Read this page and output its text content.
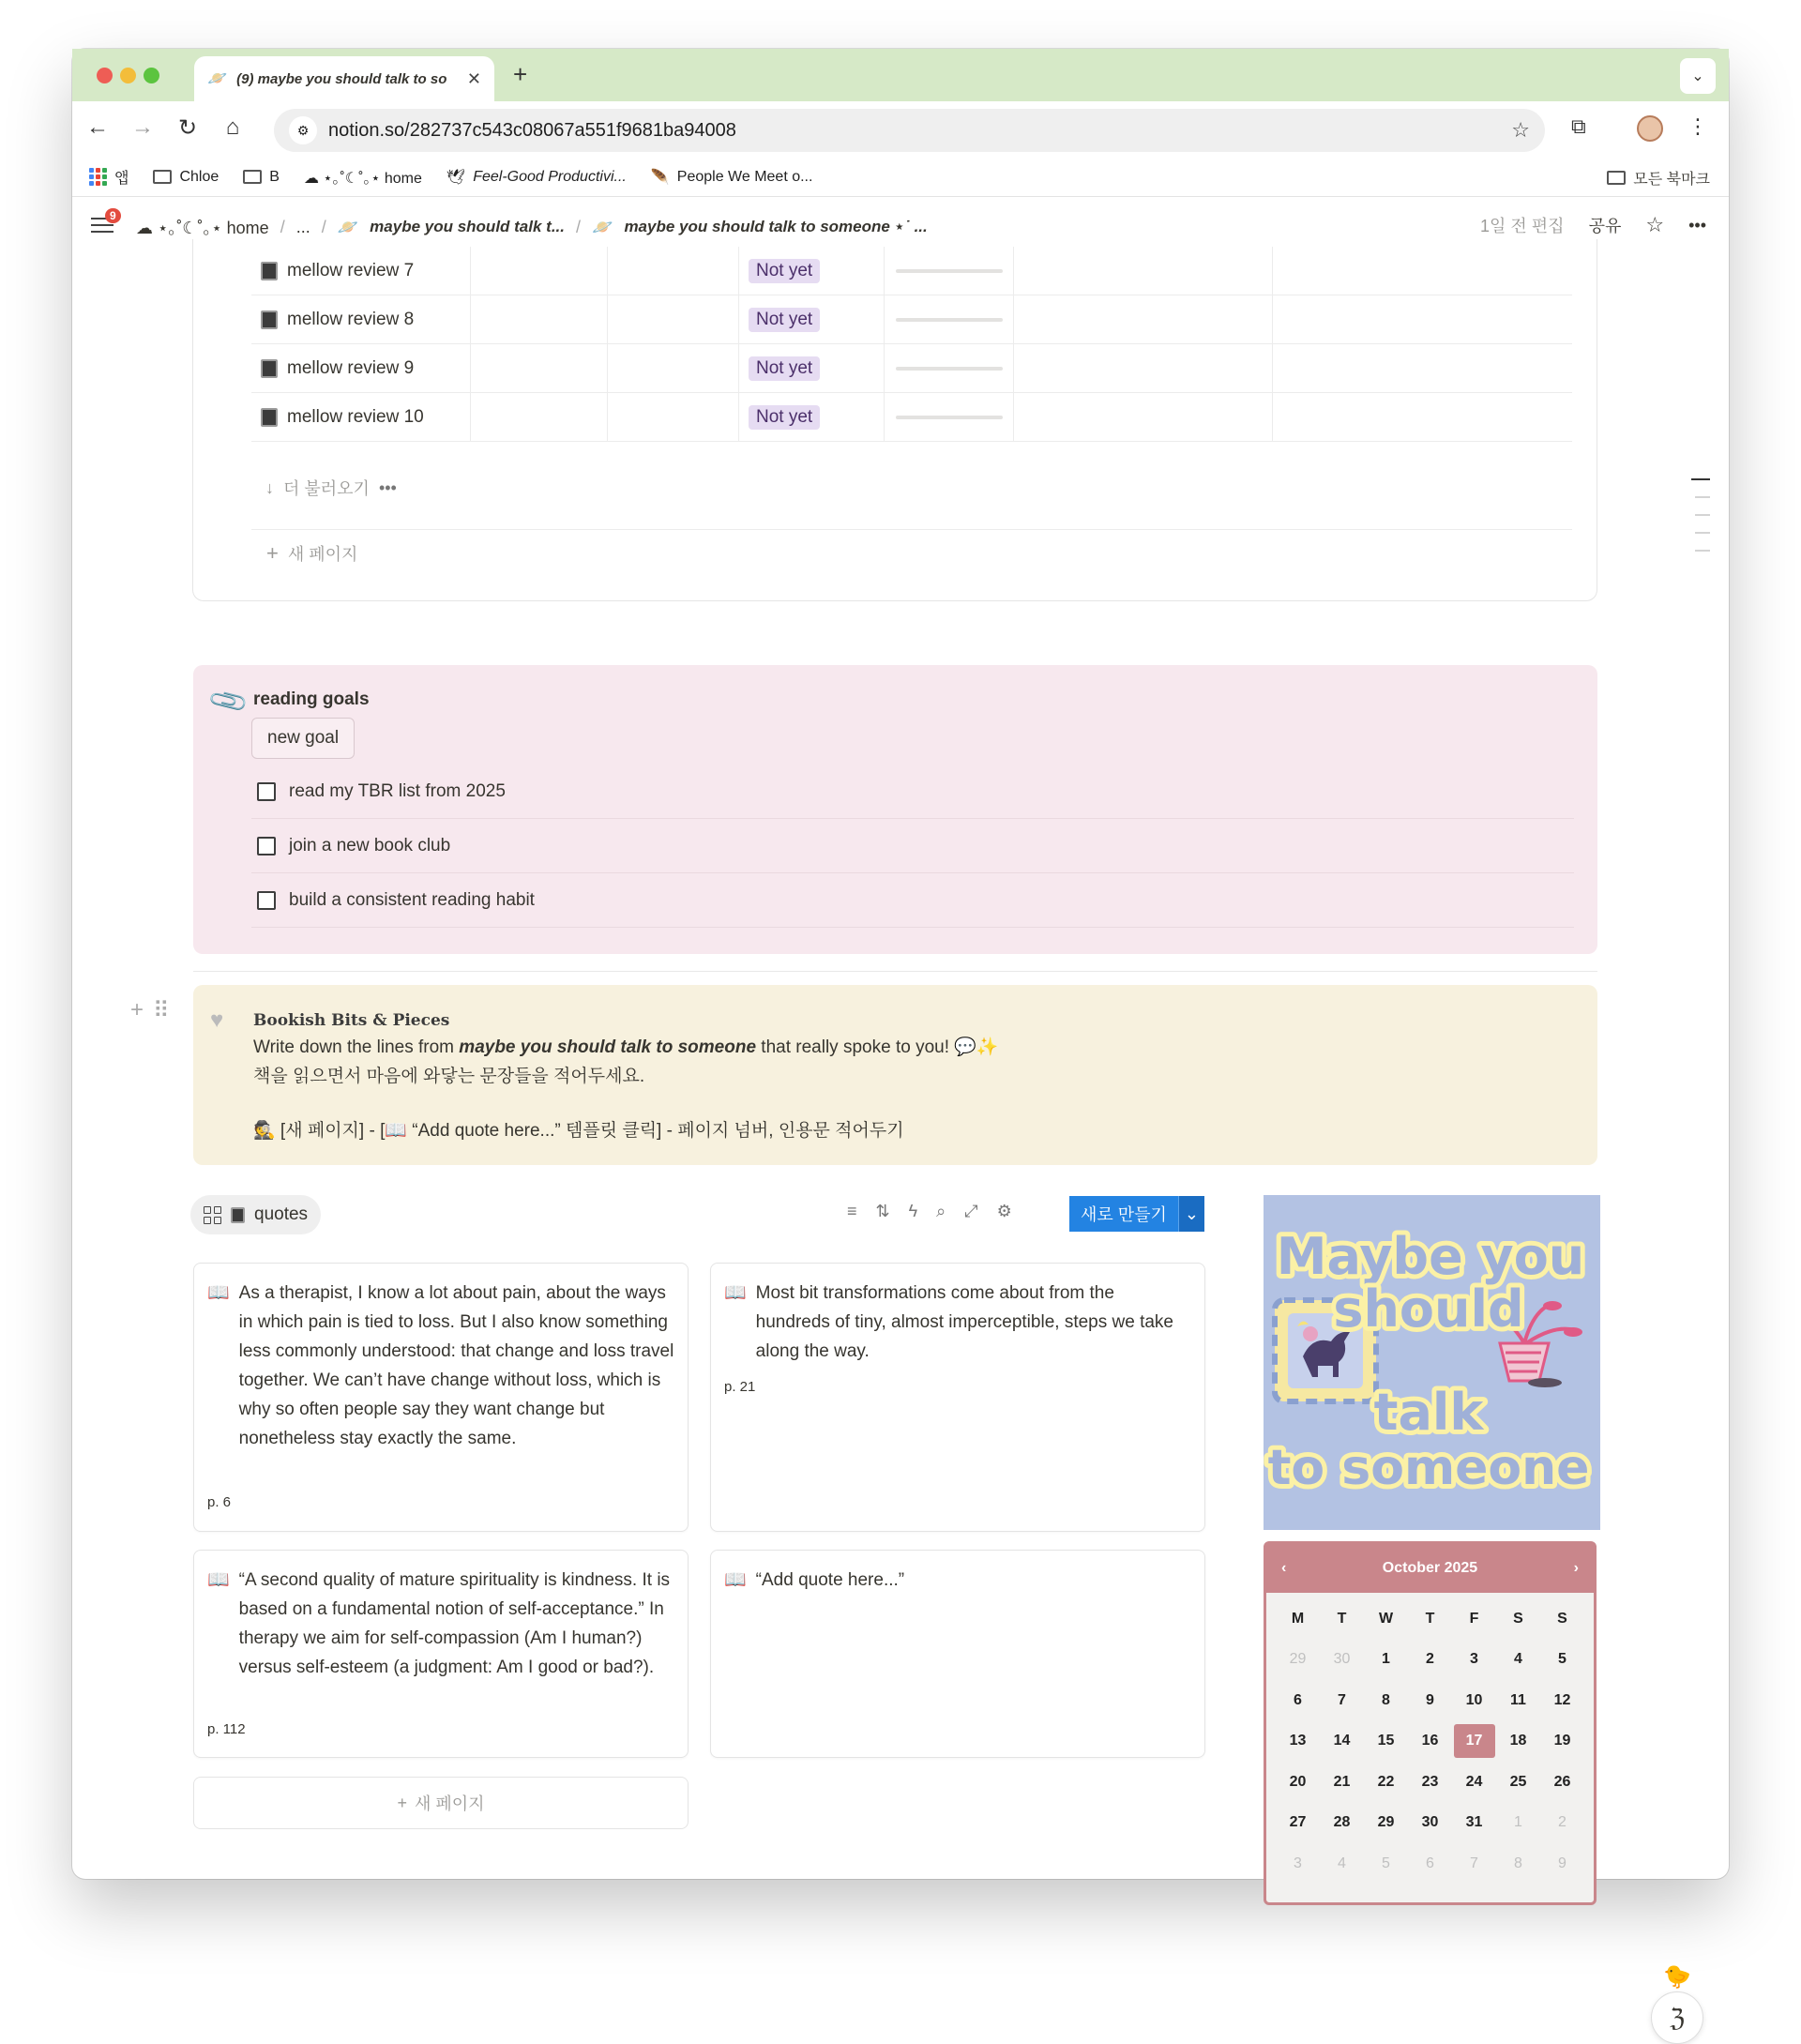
🪐 (9) maybe you should talk to so	✕ +	⌄
← → ↻	⌂	⚙	notion.so/282737c543c08067a551f9681ba94008	☆ ⧉	⋮
앱	Chloe	B ☁︎ ⋆｡˚☾˚｡⋆ home 🕊 Feel-Good Productivi... 🪶 People We Meet o...	모든 북마크
9
☁︎ ⋆｡˚☾˚｡⋆ home / ... / 🪐 maybe you should talk t... / 🪐 maybe you should talk to someone ⋆˙ ...	1일 전 편집 공유 ☆ •••
mellow review 7	Not yet
mellow review 8	Not yet
mellow review 9	Not yet
mellow review 10	Not yet
↓ 더 불러오기 •••
+ 새 페이지
📎 reading goals
new goal
read my TBR list from 2025
join a new book club
build a consistent reading habit
+ ⠿ ♥ Bookish Bits & Pieces
Write down the lines from maybe you should talk to someone that really spoke to you! 💬✨
책을 읽으면서 마음에 와닿는 문장들을 적어두세요.
🕵 [새 페이지] - [📖 “Add quote here...” 템플릿 클릭] - 페이지 넘버, 인용문 적어두기
quotes	≡ ⇅ ϟ ⌕ ⤢ ⚙	새로 만들기	⌄
📖 As a therapist, I know a lot about pain, about the ways in which pain is tied to loss. But I also know something less commonly understood: that change and loss travel together. We can’t have change without loss, which is why so often people say they want change but nonetheless stay exactly the same.
p. 6
📖 Most bit transformations come about from the hundreds of tiny, almost imperceptible, steps we take along the way.
p. 21
📖 “A second quality of mature spirituality is kindness. It is based on a fundamental notion of self-acceptance.” In therapy we aim for self-compassion (Am I human?) versus self-esteem (a judgment: Am I good or bad?).
p. 112
📖 “Add quote here...”
+ 새 페이지
Maybe you
should
talk
to someone
‹	October 2025	›
M	T	W	T	F	S	S
29	30	1	2	3	4	5
6	7	8	9	10	11	12
13	14	15	16	17	18	19
20	21	22	23	24	25	26
27	28	29	30	31	1	2
3	4	5	6	7	8	9
🐤
ℨ
